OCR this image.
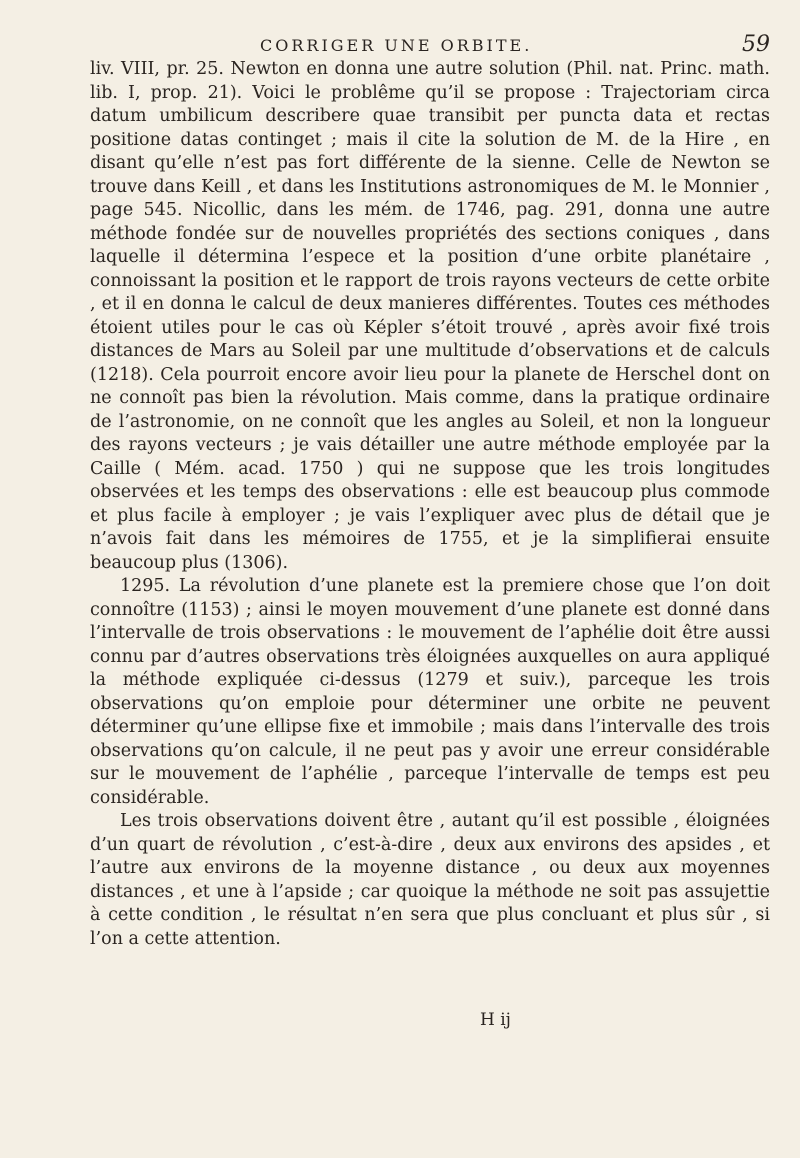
CORRIGER UNE ORBITE.	59

liv. VIII, pr. 25. Newton en donna une autre solution (Phil. nat. Princ. math. lib. I, prop. 21). Voici le problême qu’il se propose : Trajectoriam circa datum umbilicum describere quae transibit per puncta data et rectas positione datas continget ; mais il cite la solution de M. de la Hire , en disant qu’elle n’est pas fort différente de la sienne. Celle de Newton se trouve dans Keill , et dans les Institutions astronomiques de M. le Monnier , page 545. Nicollic, dans les mém. de 1746, pag. 291, donna une autre méthode fondée sur de nouvelles propriétés des sections coniques , dans laquelle il détermina l’espece et la position d’une orbite planétaire , connoissant la position et le rapport de trois rayons vecteurs de cette orbite , et il en donna le calcul de deux manieres différentes. Toutes ces méthodes étoient utiles pour le cas où Képler s’étoit trouvé , après avoir fixé trois distances de Mars au Soleil par une multitude d’observations et de calculs (1218). Cela pourroit encore avoir lieu pour la planete de Herschel dont on ne connoît pas bien la révolution. Mais comme, dans la pratique ordinaire de l’astronomie, on ne connoît que les angles au Soleil, et non la longueur des rayons vecteurs ; je vais détailler une autre méthode employée par la Caille ( Mém. acad. 1750 ) qui ne suppose que les trois longitudes observées et les temps des observations : elle est beaucoup plus commode et plus facile à employer ; je vais l’expliquer avec plus de détail que je n’avois fait dans les mémoires de 1755, et je la simplifierai ensuite beaucoup plus (1306).

1295. La révolution d’une planete est la premiere chose que l’on doit connoître (1153) ; ainsi le moyen mouvement d’une planete est donné dans l’intervalle de trois observations : le mouvement de l’aphélie doit être aussi connu par d’autres observations très éloignées auxquelles on aura appliqué la méthode expliquée ci-dessus (1279 et suiv.), parceque les trois observations qu’on emploie pour déterminer une orbite ne peuvent déterminer qu’une ellipse fixe et immobile ; mais dans l’intervalle des trois observations qu’on calcule, il ne peut pas y avoir une erreur considérable sur le mouvement de l’aphélie , parceque l’intervalle de temps est peu considérable.

Les trois observations doivent être , autant qu’il est possible , éloignées d’un quart de révolution , c’est-à-dire , deux aux environs des apsides , et l’autre aux environs de la moyenne distance , ou deux aux moyennes distances , et une à l’apside ; car quoique la méthode ne soit pas assujettie à cette condition , le résultat n’en sera que plus concluant et plus sûr , si l’on a cette attention.

H ij
